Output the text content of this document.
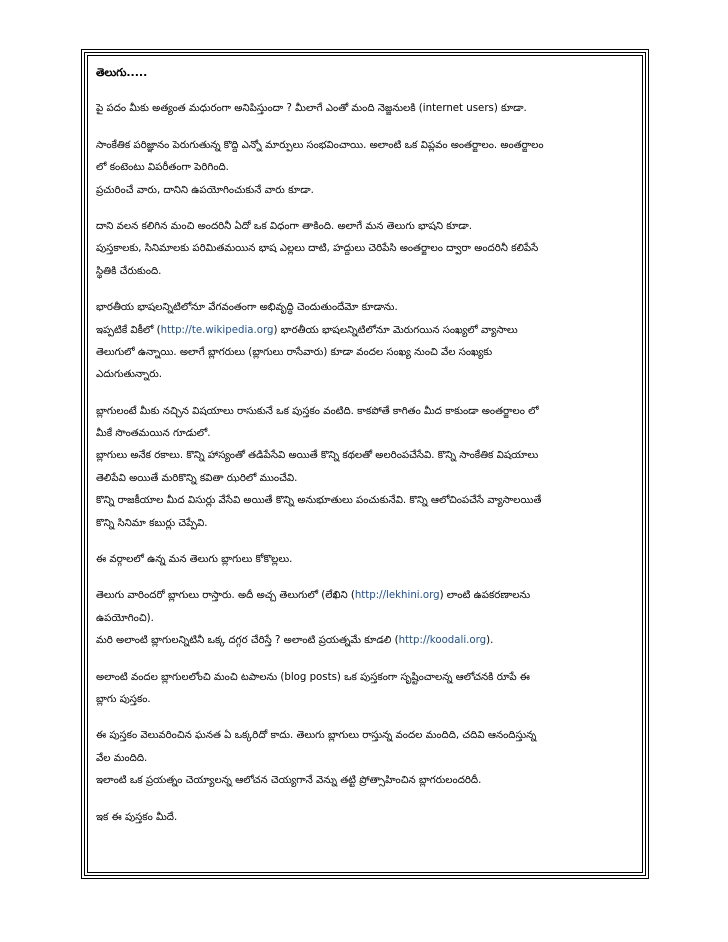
తెలుగు.....
పై పదం మీకు అత్యంత మధురంగా అనిపిస్తుందా ? మీలాగే ఎంతో మంది నెజ్జనులకి (internet users) కూడా.
సాంకేతిక పరిజ్ఞానం పెరుగుతున్న కొద్ది ఎన్నో మార్పులు సంభవించాయి. అలాంటి ఒక విప్లవం అంతర్జాలం. అంతర్జాలం
లో కంటెంటు విపరీతంగా పెరిగింది.
ప్రచురించే వారు, దానిని ఉపయోగించుకునే వారు కూడా.
దాని వలన కలిగిన మంచి అందరినీ ఏదో ఒక విధంగా తాకింది. అలాగే మన తెలుగు భాషని కూడా.
పుస్తకాలకు, సినిమాలకు పరిమితమయిన భాష ఎల్లలు దాటి, హద్దులు చెరిపేసి అంతర్జాలం ద్వారా అందరినీ కలిపేసే
స్థితికి చేరుకుంది.
భారతీయ భాషలన్నిటిలోనూ వేగవంతంగా అభివృద్ధి చెందుతుందేమో కూడాను.
ఇప్పటికే వికీలో (http://te.wikipedia.org) భారతీయ భాషలన్నిటిలోనూ మెరుగయిన సంఖ్యలో వ్యాసాలు
తెలుగులో ఉన్నాయి. అలాగే బ్లాగరులు (బ్లాగులు రాసేవారు) కూడా వందల సంఖ్య నుంచి వేల సంఖ్యకు
ఎదుగుతున్నారు.
బ్లాగులంటే మీకు నచ్చిన విషయాలు రాసుకునే ఒక పుస్తకం వంటిది. కాకపోతే కాగితం మీద కాకుండా అంతర్జాలం లో
మీకే సొంతమయిన గూడులో.
బ్లాగులు అనేక రకాలు. కొన్ని హాస్యంతో తడిపేసేవి అయితే కొన్ని కథలతో అలరింపచేసేవి. కొన్ని సాంకేతిక విషయాలు
తెలిపేవి అయితే మరికొన్ని కవితా ఝరిలో ముంచేవి.
కొన్ని రాజకీయాల మీద విసుర్లు వేసేవి అయితే కొన్ని అనుభూతులు పంచుకునేవి. కొన్ని ఆలోచింపచేసే వ్యాసాలయితే
కొన్ని సినిమా కబుర్లు చెప్పేవి.
ఈ వర్గాలలో ఉన్న మన తెలుగు బ్లాగులు కోకొల్లలు.
తెలుగు వారిందరో బ్లాగులు రాస్తారు. అదీ అచ్చ తెలుగులో (లేఖిని (http://lekhini.org) లాంటి ఉపకరణాలను
ఉపయోగించి).
మరి అలాంటి బ్లాగులన్నిటినీ ఒక్క దగ్గర చేరిస్తే ? అలాంటి ప్రయత్నమే కూడలి (http://koodali.org).
అలాంటి వందల బ్లాగులలోంచి మంచి టపాలను (blog posts) ఒక పుస్తకంగా సృష్టించాలన్న ఆలోచనకి రూపే ఈ
బ్లాగు పుస్తకం.
ఈ పుస్తకం వెలువరించిన ఘనత ఏ ఒక్కరిదో కాదు. తెలుగు బ్లాగులు రాస్తున్న వందల మందిది, చదివి ఆనందిస్తున్న
వేల మందిది.
ఇలాంటి ఒక ప్రయత్నం చెయ్యాలన్న ఆలోచన చెయ్యగానే వెన్ను తట్టి ప్రోత్సాహించిన బ్లాగరులందరిదీ.
ఇక ఈ పుస్తకం మీదే.
